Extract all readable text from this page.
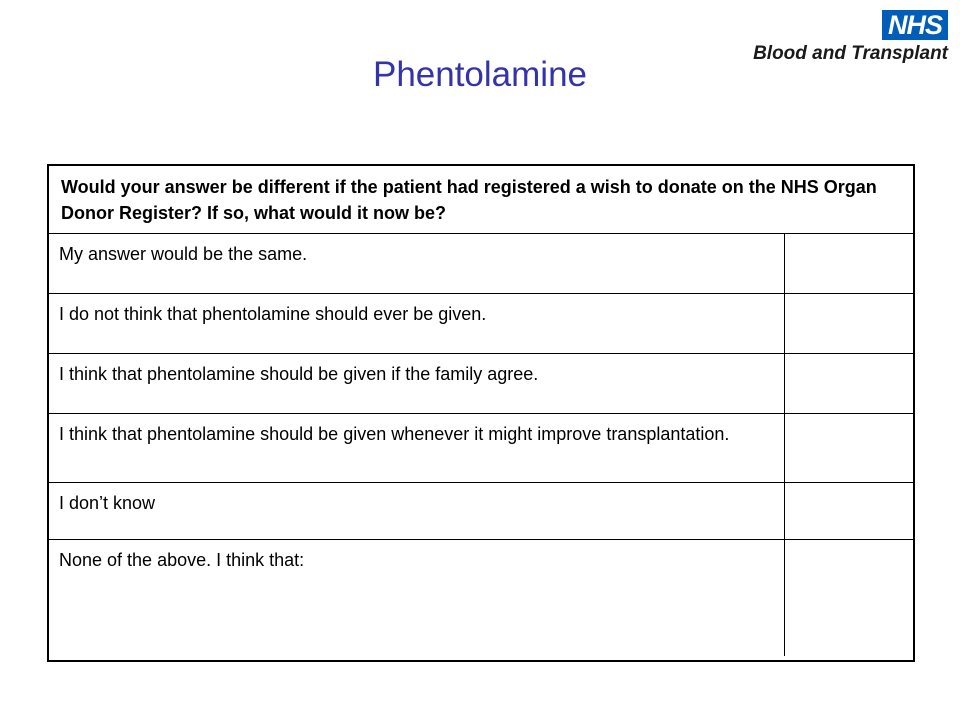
NHS
Blood and Transplant
Phentolamine
Would your answer be different if the patient had registered a wish to donate on the NHS Organ Donor Register? If so, what would it now be?
My answer would be the same.
I do not think that phentolamine should ever be given.
I think that phentolamine should be given if the family agree.
I think that phentolamine should be given whenever it might improve transplantation.
I don’t know
None of the above. I think that:
